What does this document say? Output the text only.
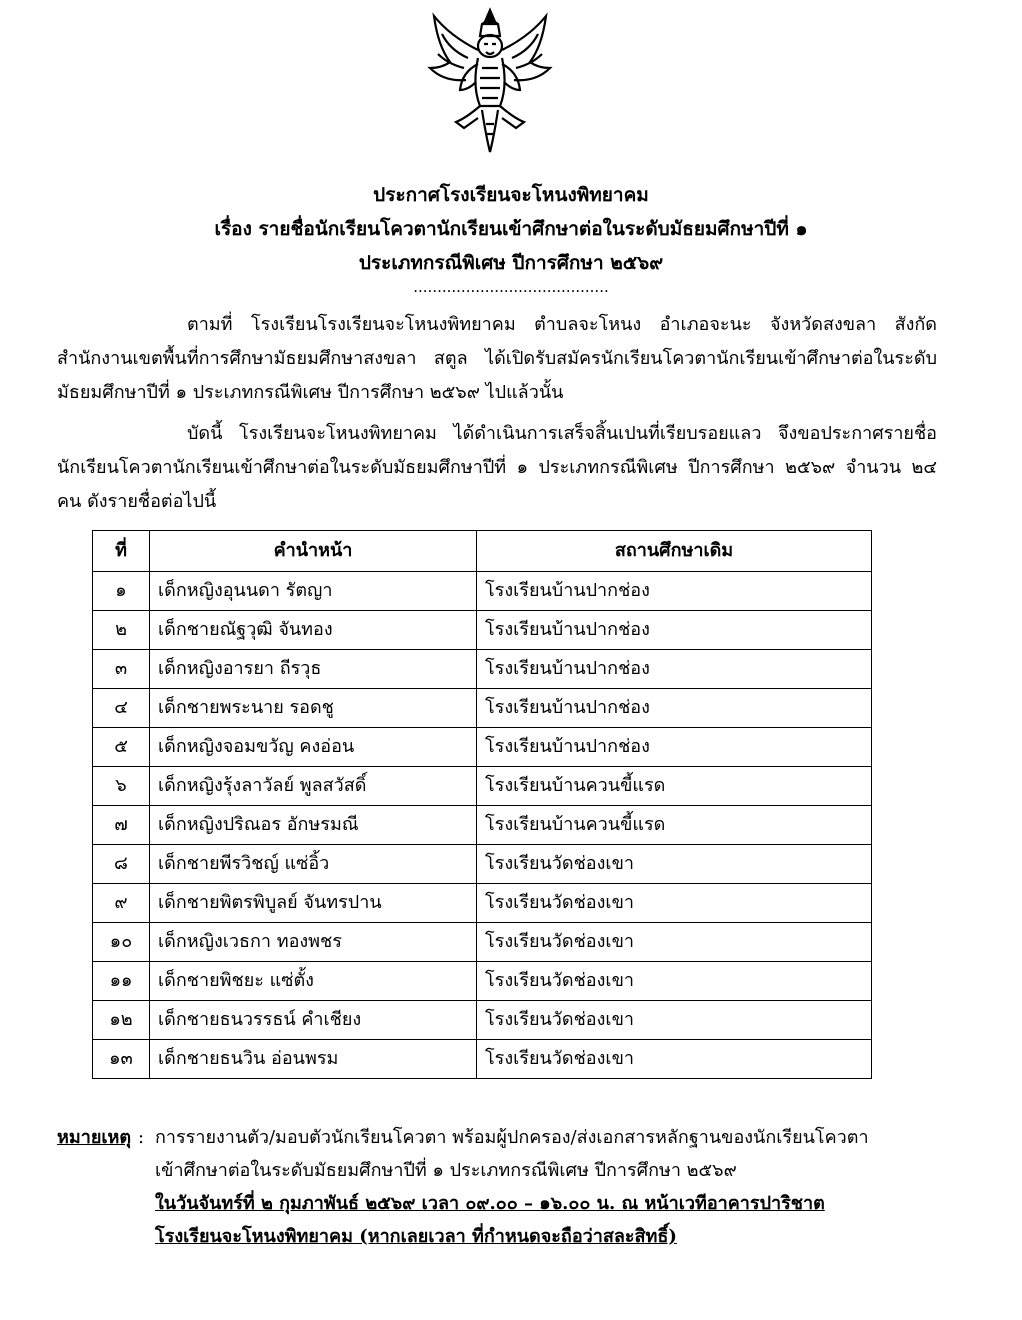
ประกาศโรงเรียนจะโหนงพิทยาคม
เรื่อง รายชื่อนักเรียนโควตานักเรียนเข้าศึกษาต่อในระดับมัธยมศึกษาปีที่ ๑
ประเภทกรณีพิเศษ ปีการศึกษา ๒๕๖๙
.........................................
ตามที่ โรงเรียนโรงเรียนจะโหนงพิทยาคม ตำบลจะโหนง อำเภอจะนะ จังหวัดสงขลา สังกัดสำนักงานเขตพื้นที่การศึกษามัธยมศึกษาสงขลา สตูล ได้เปิดรับสมัครนักเรียนโควตานักเรียนเข้าศึกษาต่อในระดับมัธยมศึกษาปีที่ ๑ ประเภทกรณีพิเศษ ปีการศึกษา ๒๕๖๙ ไปแล้วนั้น
บัดนี้ โรงเรียนจะโหนงพิทยาคม ได้ดำเนินการเสร็จสิ้นเปนที่เรียบรอยแลว จึงขอประกาศรายชื่อนักเรียนโควตานักเรียนเข้าศึกษาต่อในระดับมัธยมศึกษาปีที่ ๑ ประเภทกรณีพิเศษ ปีการศึกษา ๒๕๖๙ จำนวน ๒๔ คน ดังรายชื่อต่อไปนี้
ที่	คำนำหน้า	สถานศึกษาเดิม
๑	เด็กหญิงอุนนดา รัตญา	โรงเรียนบ้านปากช่อง
๒	เด็กชายณัฐวุฒิ จันทอง	โรงเรียนบ้านปากช่อง
๓	เด็กหญิงอารยา ถีรวุธ	โรงเรียนบ้านปากช่อง
๔	เด็กชายพระนาย รอดชู	โรงเรียนบ้านปากช่อง
๕	เด็กหญิงจอมขวัญ คงอ่อน	โรงเรียนบ้านปากช่อง
๖	เด็กหญิงรุ้งลาวัลย์ พูลสวัสดิ์	โรงเรียนบ้านควนขี้แรด
๗	เด็กหญิงปริณอร อักษรมณี	โรงเรียนบ้านควนขี้แรด
๘	เด็กชายพีรวิชญ์ แซ่อิ้ว	โรงเรียนวัดช่องเขา
๙	เด็กชายพิตรพิบูลย์ จันทรปาน	โรงเรียนวัดช่องเขา
๑๐	เด็กหญิงเวธกา ทองพชร	โรงเรียนวัดช่องเขา
๑๑	เด็กชายพิชยะ แซ่ตั้ง	โรงเรียนวัดช่องเขา
๑๒	เด็กชายธนวรรธน์ คำเชียง	โรงเรียนวัดช่องเขา
๑๓	เด็กชายธนวิน อ่อนพรม	โรงเรียนวัดช่องเขา
หมายเหตุ : การรายงานตัว/มอบตัวนักเรียนโควตา พร้อมผู้ปกครอง/ส่งเอกสารหลักฐานของนักเรียนโควตา
เข้าศึกษาต่อในระดับมัธยมศึกษาปีที่ ๑ ประเภทกรณีพิเศษ ปีการศึกษา ๒๕๖๙
ในวันจันทร์ที่ ๒ กุมภาพันธ์ ๒๕๖๙ เวลา ๐๙.๐๐ – ๑๖.๐๐ น. ณ หน้าเวทีอาคารปาริชาต
โรงเรียนจะโหนงพิทยาคม (หากเลยเวลา ที่กำหนดจะถือว่าสละสิทธิ์)
